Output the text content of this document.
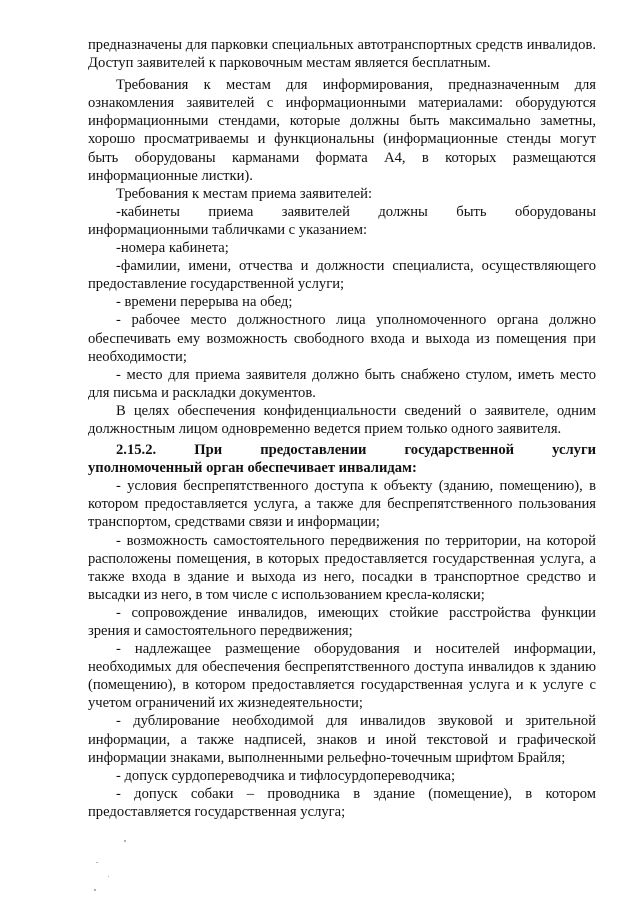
предназначены для парковки специальных автотранспортных средств инвалидов. Доступ заявителей к парковочным местам является бесплатным.

Требования к местам для информирования, предназначенным для ознакомления заявителей с информационными материалами: оборудуются информационными стендами, которые должны быть максимально заметны, хорошо просматриваемы и функциональны (информационные стенды могут быть оборудованы карманами формата А4, в которых размещаются информационные листки).

Требования к местам приема заявителей:

-кабинеты приема заявителей должны быть оборудованы информационными табличками с указанием:

-номера кабинета;

-фамилии, имени, отчества и должности специалиста, осуществляющего предоставление государственной услуги;

- времени перерыва на обед;

- рабочее место должностного лица уполномоченного органа должно обеспечивать ему возможность свободного входа и выхода из помещения при необходимости;

- место для приема заявителя должно быть снабжено стулом, иметь место для письма и раскладки документов.

В целях обеспечения конфиденциальности сведений о заявителе, одним должностным лицом одновременно ведется прием только одного заявителя.

2.15.2. При предоставлении государственной услуги

уполномоченный орган обеспечивает инвалидам:

- условия беспрепятственного доступа к объекту (зданию, помещению), в котором предоставляется услуга, а также для беспрепятственного пользования транспортом, средствами связи и информации;

- возможность самостоятельного передвижения по территории, на которой расположены помещения, в которых предоставляется государственная услуга, а также входа в здание и выхода из него, посадки в транспортное средство и высадки из него, в том числе с использованием кресла-коляски;

- сопровождение инвалидов, имеющих стойкие расстройства функции зрения и самостоятельного передвижения;

- надлежащее размещение оборудования и носителей информации, необходимых для обеспечения беспрепятственного доступа инвалидов к зданию (помещению), в котором предоставляется государственная услуга и к услуге с учетом ограничений их жизнедеятельности;

- дублирование необходимой для инвалидов звуковой и зрительной информации, а также надписей, знаков и иной текстовой и графической информации знаками, выполненными рельефно-точечным шрифтом Брайля;

- допуск сурдопереводчика и тифлосурдопереводчика;

- допуск собаки – проводника в здание (помещение), в котором предоставляется государственная услуга;
